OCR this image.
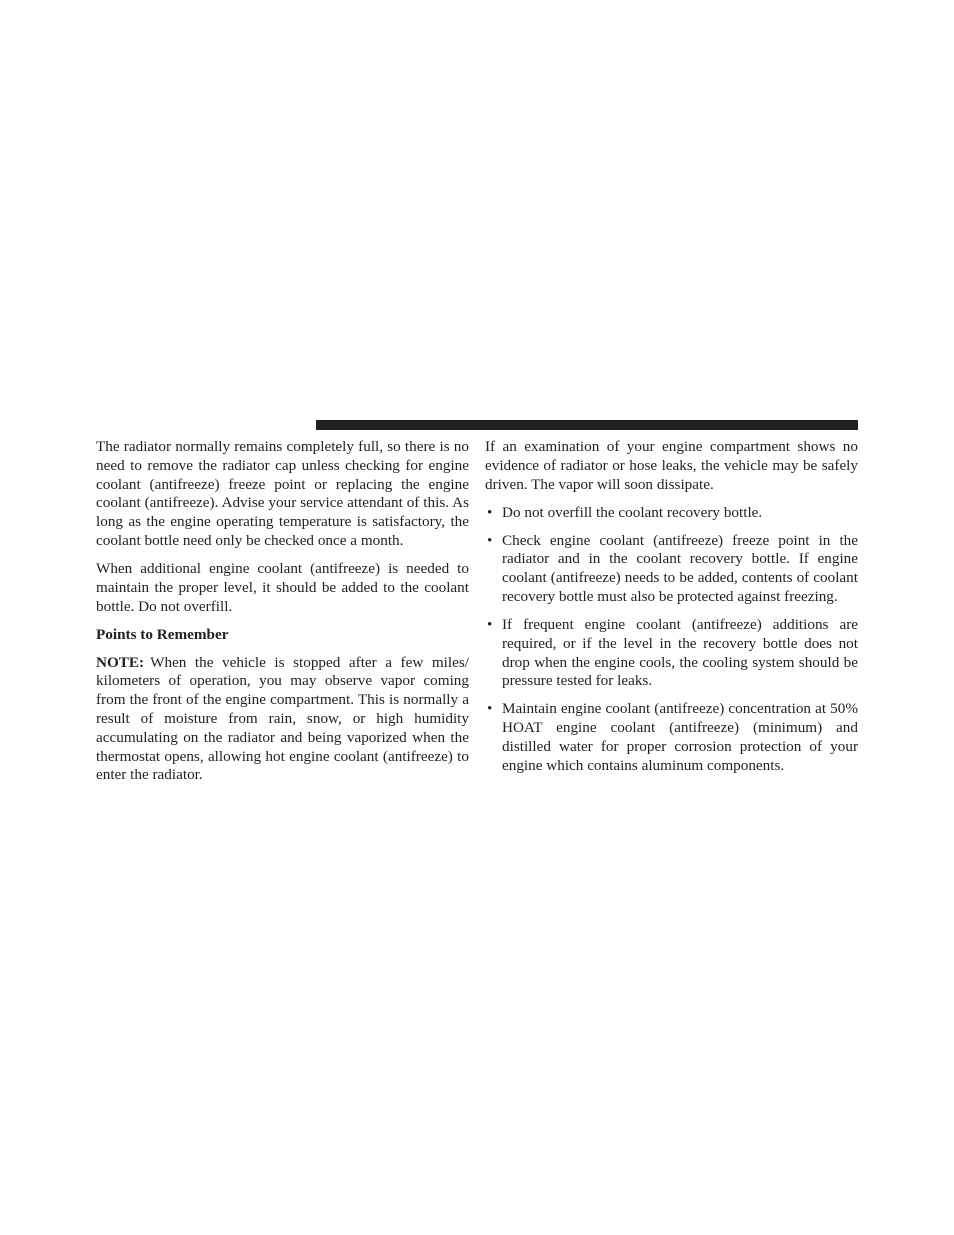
The radiator normally remains completely full, so there is no need to remove the radiator cap unless checking for engine coolant (antifreeze) freeze point or replacing the engine coolant (antifreeze). Advise your service attendant of this. As long as the engine operating temperature is satisfactory, the coolant bottle need only be checked once a month.

When additional engine coolant (antifreeze) is needed to maintain the proper level, it should be added to the coolant bottle. Do not overfill.

Points to Remember

NOTE: When the vehicle is stopped after a few miles/ kilometers of operation, you may observe vapor coming from the front of the engine compartment. This is normally a result of moisture from rain, snow, or high humidity accumulating on the radiator and being vaporized when the thermostat opens, allowing hot engine coolant (antifreeze) to enter the radiator.

If an examination of your engine compartment shows no evidence of radiator or hose leaks, the vehicle may be safely driven. The vapor will soon dissipate.

• Do not overfill the coolant recovery bottle.
• Check engine coolant (antifreeze) freeze point in the radiator and in the coolant recovery bottle. If engine coolant (antifreeze) needs to be added, contents of coolant recovery bottle must also be protected against freezing.
• If frequent engine coolant (antifreeze) additions are required, or if the level in the recovery bottle does not drop when the engine cools, the cooling system should be pressure tested for leaks.
• Maintain engine coolant (antifreeze) concentration at 50% HOAT engine coolant (antifreeze) (minimum) and distilled water for proper corrosion protection of your engine which contains aluminum components.
